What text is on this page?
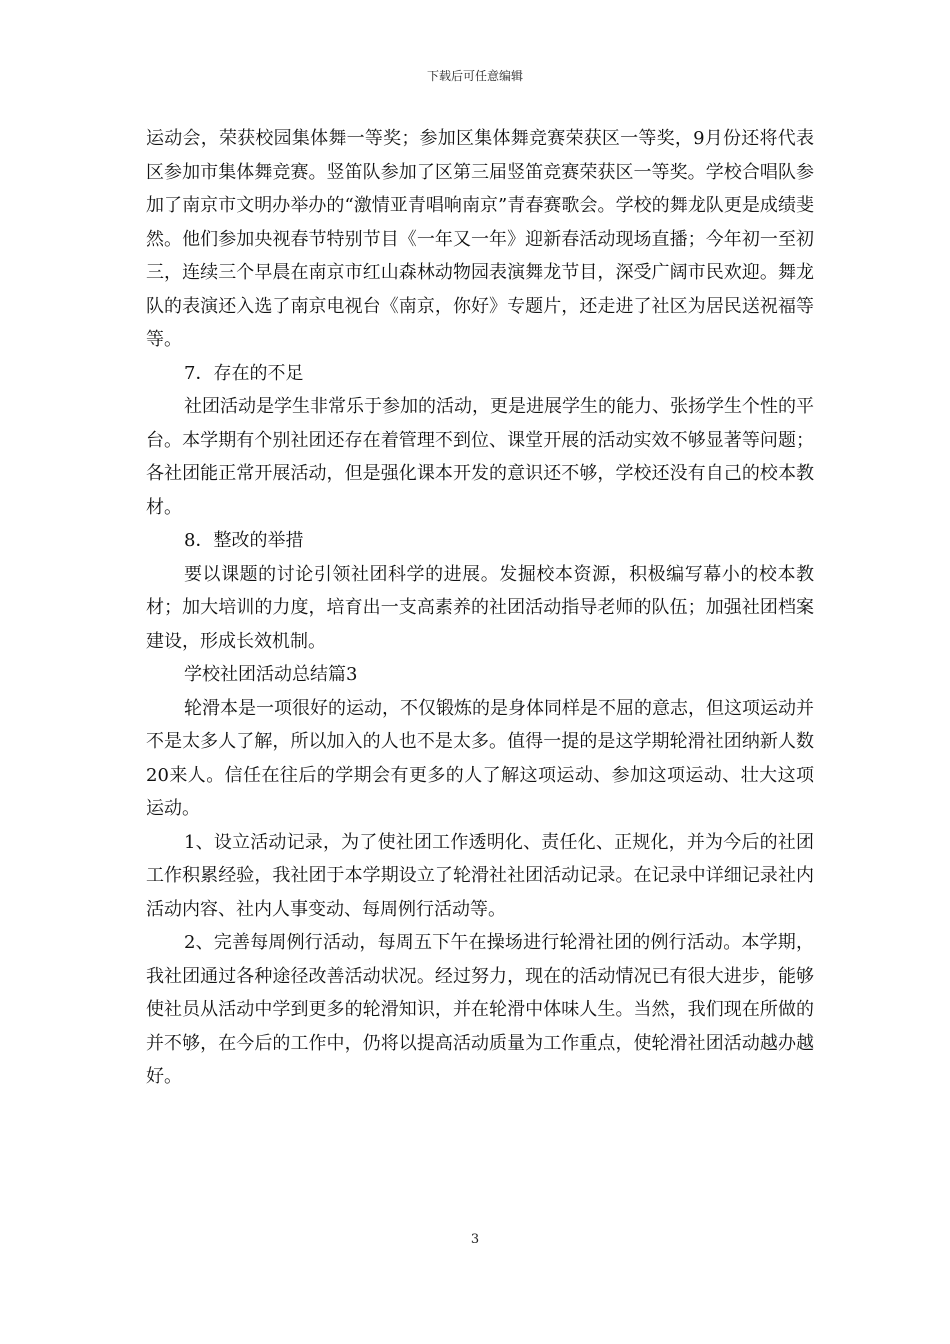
下载后可任意编辑

运动会，荣获校园集体舞一等奖；参加区集体舞竞赛荣获区一等奖，9月份还将代表区参加市集体舞竞赛。竖笛队参加了区第三届竖笛竞赛荣获区一等奖。学校合唱队参加了南京市文明办举办的“激情亚青唱响南京”青春赛歌会。学校的舞龙队更是成绩斐然。他们参加央视春节特别节目《一年又一年》迎新春活动现场直播；今年初一至初三，连续三个早晨在南京市红山森林动物园表演舞龙节目，深受广阔市民欢迎。舞龙队的表演还入选了南京电视台《南京，你好》专题片，还走进了社区为居民送祝福等等。

7．存在的不足

社团活动是学生非常乐于参加的活动，更是进展学生的能力、张扬学生个性的平台。本学期有个别社团还存在着管理不到位、课堂开展的活动实效不够显著等问题；各社团能正常开展活动，但是强化课本开发的意识还不够，学校还没有自己的校本教材。

8．整改的举措

要以课题的讨论引领社团科学的进展。发掘校本资源，积极编写幕小的校本教材；加大培训的力度，培育出一支高素养的社团活动指导老师的队伍；加强社团档案建设，形成长效机制。

学校社团活动总结篇3

轮滑本是一项很好的运动，不仅锻炼的是身体同样是不屈的意志，但这项运动并不是太多人了解，所以加入的人也不是太多。值得一提的是这学期轮滑社团纳新人数20来人。信任在往后的学期会有更多的人了解这项运动、参加这项运动、壮大这项运动。

1、设立活动记录，为了使社团工作透明化、责任化、正规化，并为今后的社团工作积累经验，我社团于本学期设立了轮滑社社团活动记录。在记录中详细记录社内活动内容、社内人事变动、每周例行活动等。

2、完善每周例行活动，每周五下午在操场进行轮滑社团的例行活动。本学期，我社团通过各种途径改善活动状况。经过努力，现在的活动情况已有很大进步，能够使社员从活动中学到更多的轮滑知识，并在轮滑中体味人生。当然，我们现在所做的并不够，在今后的工作中，仍将以提高活动质量为工作重点，使轮滑社团活动越办越好。

3
